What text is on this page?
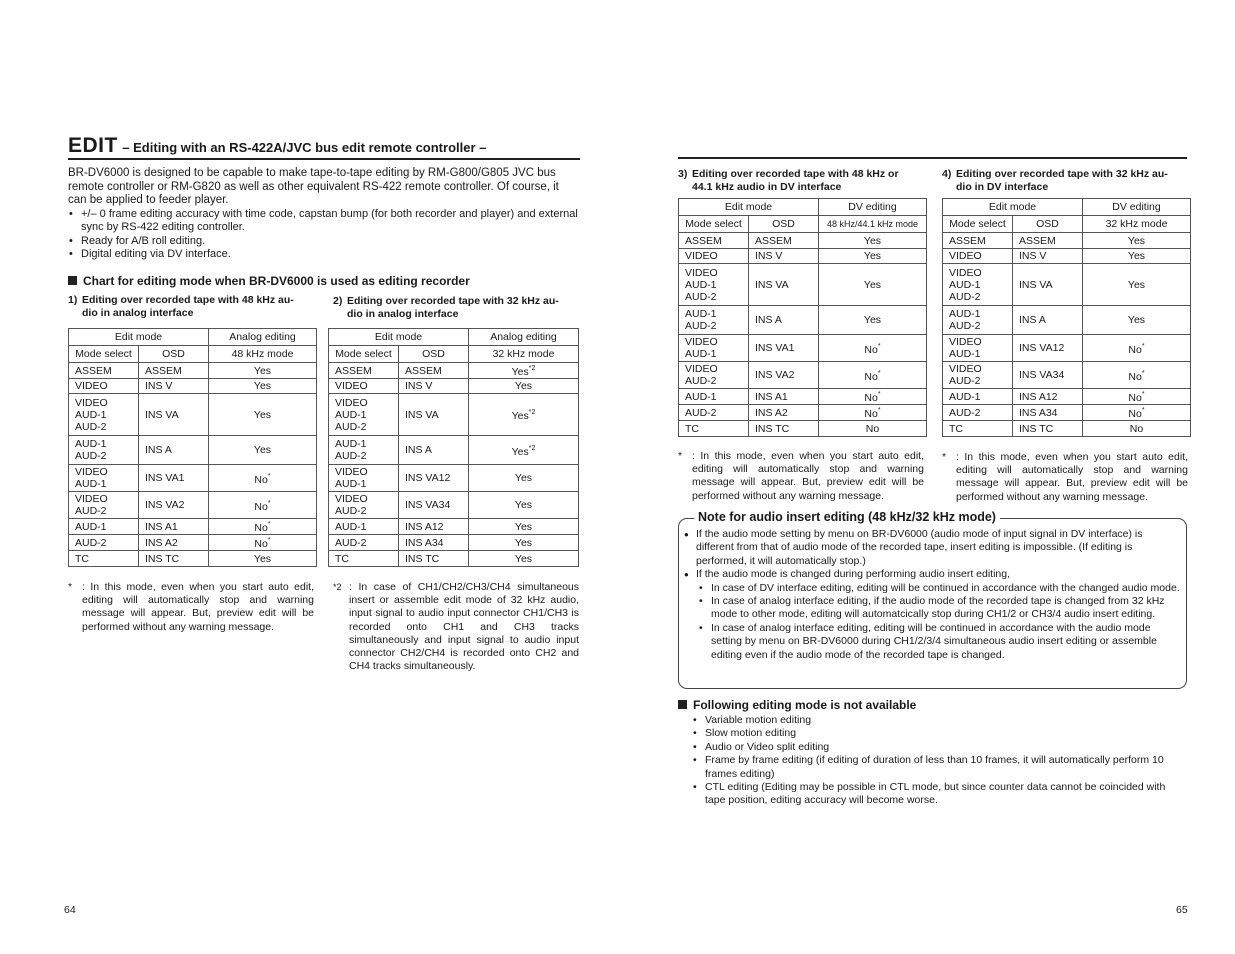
EDIT – Editing with an RS-422A/JVC bus edit remote controller –

BR-DV6000 is designed to be capable to make tape-to-tape editing by RM-G800/G805 JVC bus remote controller or RM-G820 as well as other equivalent RS-422 remote controller. Of course, it can be applied to feeder player.

• +/– 0 frame editing accuracy with time code, capstan bump (for both recorder and player) and external sync by RS-422 editing controller.
• Ready for A/B roll editing.
• Digital editing via DV interface.
Chart for editing mode when BR-DV6000 is used as editing recorder
1) Editing over recorded tape with 48 kHz au-
dio in analog interface
2) Editing over recorded tape with 32 kHz au-
dio in analog interface
3) Editing over recorded tape with 48 kHz or
44.1 kHz audio in DV interface
4) Editing over recorded tape with 32 kHz au-
dio in DV interface
Edit mode		Analog editing
Mode select	OSD	48 kHz mode

ASSEM	ASSEM	Yes

VIDEO	INS V	Yes

VIDEO
AUD-1
AUD-2	INS VA	Yes

AUD-1
AUD-2	INS A	Yes

VIDEO
AUD-1	INS VA1	No*

VIDEO
AUD-2	INS VA2	No*

AUD-1	INS A1	No*

AUD-2	INS A2	No*

TC	INS TC	Yes
Edit mode		Analog editing
Mode select	OSD	32 kHz mode

ASSEM	ASSEM	Yes$^{*2}$

VIDEO	INS V	Yes

VIDEO
AUD-1
AUD-2	INS VA	Yes$^{*2}$

AUD-1
AUD-2	INS A	Yes$^{*2}$

VIDEO
AUD-1	INS VA12	Yes

VIDEO
AUD-2	INS VA34	Yes

AUD-1	INS A12	Yes

AUD-2	INS A34	Yes

TC	INS TC	Yes
Edit mode		DV editing
Mode select	OSD	48 kHz/44.1 kHz mode

ASSEM	ASSEM	Yes

VIDEO	INS V	Yes

VIDEO
AUD-1
AUD-2	INS VA	Yes

AUD-1
AUD-2	INS A	Yes

VIDEO
AUD-1	INS VA1	No*

VIDEO
AUD-2	INS VA2	No*

AUD-1	INS A1	No*

AUD-2	INS A2	No*

TC	INS TC	No
Edit mode		DV editing
Mode select	OSD	32 kHz mode

ASSEM	ASSEM	Yes

VIDEO	INS V	Yes

VIDEO
AUD-1
AUD-2	INS VA	Yes

AUD-1
AUD-2	INS A	Yes

VIDEO
AUD-1	INS VA12	No*

VIDEO
AUD-2	INS VA34	No*

AUD-1	INS A12	No*

AUD-2	INS A34	No*

TC	INS TC	No
* : In this mode, even when you start auto edit, editing will automatically stop and warning message will appear. But, preview edit will be performed without any warning message.

*2 : In case of CH1/CH2/CH3/CH4 simultaneous insert or assemble edit mode of 32 kHz audio, input signal to audio input connector CH1/CH3 is recorded onto CH1 and CH3 tracks simultaneously and input signal to audio input connector CH2/CH4 is recorded onto CH2 and CH4 tracks simultaneously.

* : In this mode, even when you start auto edit, editing will automatically stop and warning message will appear. But, preview edit will be performed without any warning message.

* : In this mode, even when you start auto edit, editing will automatically stop and warning message will appear. But, preview edit will be performed without any warning message.

Note for audio insert editing (48 kHz/32 kHz mode)
● If the audio mode setting by menu on BR-DV6000 (audio mode of input signal in DV interface) is different from that of audio mode of the recorded tape, insert editing is impossible. (If editing is performed, it will automatically stop.)
● If the audio mode is changed during performing audio insert editing,
• In case of DV interface editing, editing will be continued in accordance with the changed audio mode.
• In case of analog interface editing, if the audio mode of the recorded tape is changed from 32 kHz mode to other mode, editing will automatcically stop during CH1/2 or CH3/4 audio insert editing.
• In case of analog interface editing, editing will be continued in accordance with the audio mode setting by menu on BR-DV6000 during CH1/2/3/4 simultaneous audio insert editing or assemble editing even if the audio mode of the recorded tape is changed.
Following editing mode is not available
• Variable motion editing
• Slow motion editing
• Audio or Video split editing
• Frame by frame editing (if editing of duration of less than 10 frames, it will automatically perform 10 frames editing)
• CTL editing (Editing may be possible in CTL mode, but since counter data cannot be coincided with tape position, editing accuracy will become worse.
64	65
